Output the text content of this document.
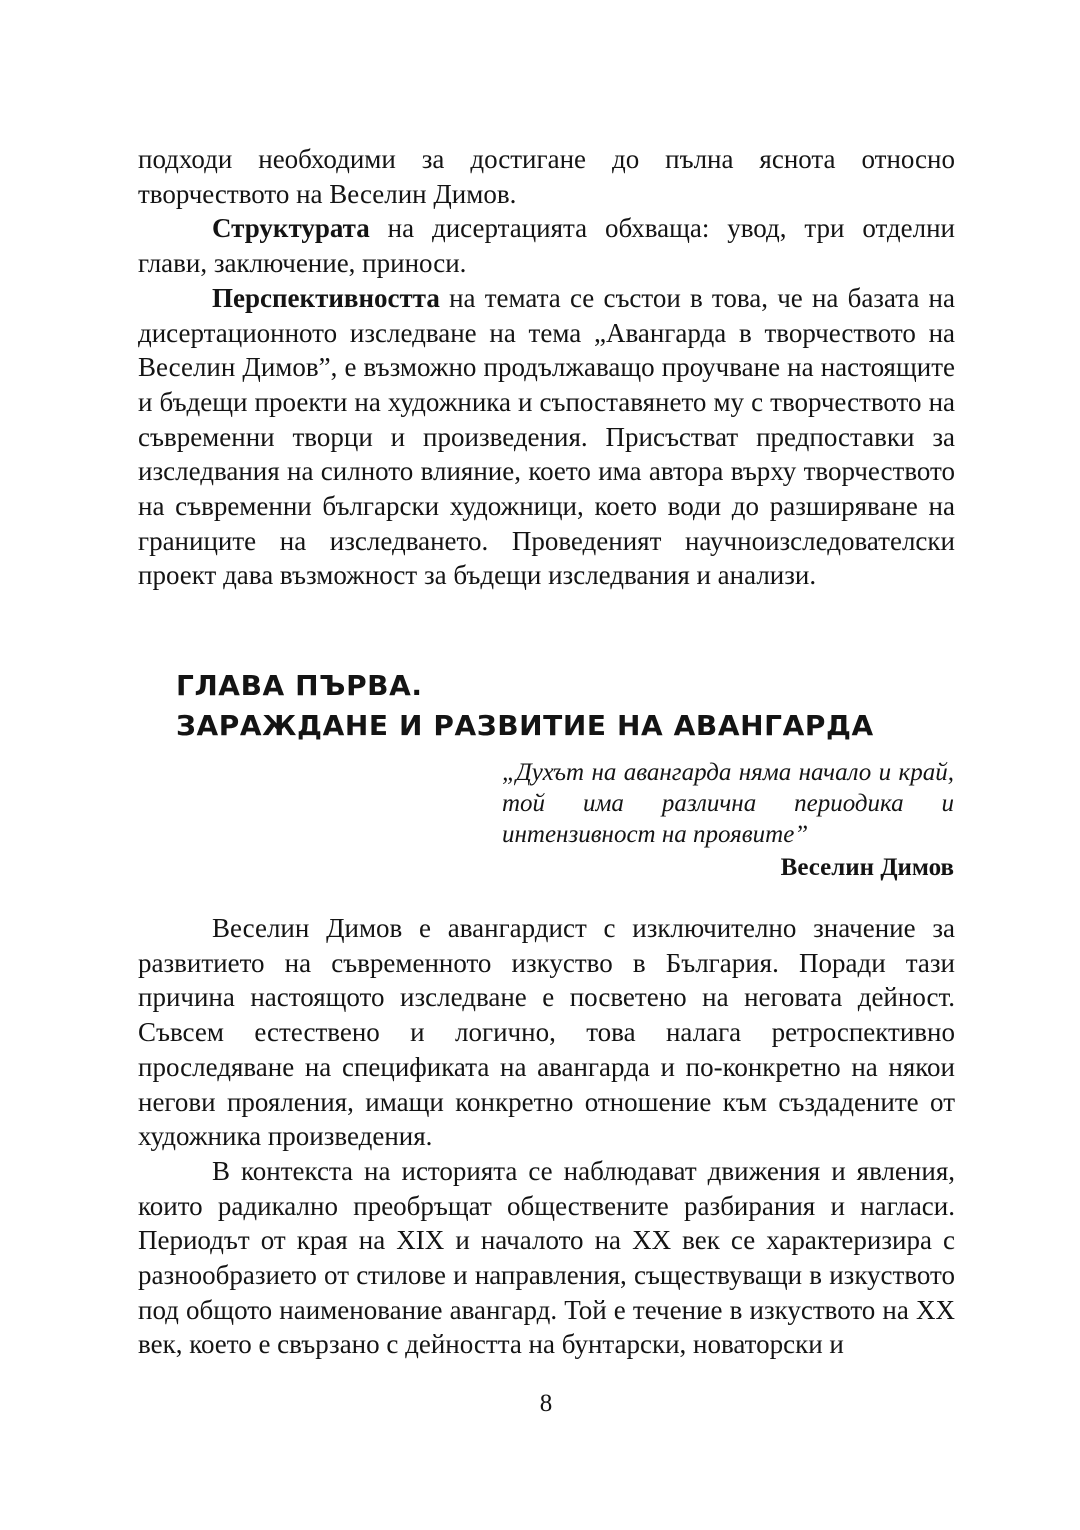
подходи необходими за достигане до пълна яснота относно творчеството на Веселин Димов.

Структурата на дисертацията обхваща: увод, три отделни глави, заключение, приноси.

Перспективността на темата се състои в това, че на базата на дисертационното изследване на тема „Авангарда в творчеството на Веселин Димов”, е възможно продължаващо проучване на настоящите и бъдещи проекти на художника и съпоставянето му с творчеството на съвременни творци и произведения. Присъстват предпоставки за изследвания на силното влияние, което има автора върху творчеството на съвременни български художници, което води до разширяване на границите на изследването. Проведеният научноизследователски проект дава възможност за бъдещи изследвания и анализи.

ГЛАВА ПЪРВА.
ЗАРАЖДАНЕ И РАЗВИТИЕ НА АВАНГАРДА

„Духът на авангарда няма начало и край, той има различна периодика и интензивност на проявите”

Веселин Димов

Веселин Димов е авангардист с изключително значение за развитието на съвременното изкуство в България. Поради тази причина настоящото изследване е посветено на неговата дейност. Съвсем естествено и логично, това налага ретроспективно проследяване на спецификата на авангарда и по-конкретно на някои негови прояления, имащи конкретно отношение към създадените от художника произведения.

В контекста на историята се наблюдават движения и явления, които радикално преобръщат обществените разбирания и нагласи. Периодът от края на XIX и началото на XX век се характеризира с разнообразието от стилове и направления, съществуващи в изкуството под общото наименование авангард. Той е течение в изкуството на XX век, което е свързано с дейността на бунтарски, новаторски и

8
